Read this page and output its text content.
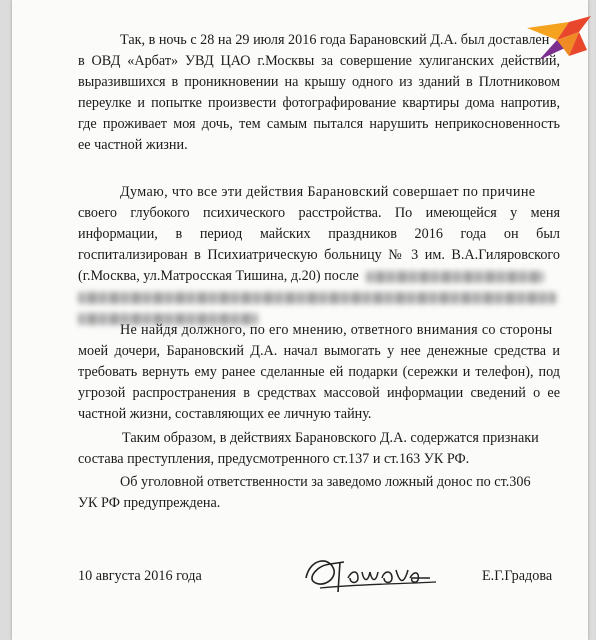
Так, в ночь с 28 на 29 июля 2016 года Барановский Д.А. был доставлен
в ОВД «Арбат» УВД ЦАО г.Москвы за совершение хулиганских действий,
выразившихся в проникновении на крышу одного из зданий в Плотниковом
переулке и попытке произвести фотографирование квартиры дома напротив,
где проживает моя дочь, тем самым пытался нарушить неприкосновенность
ее частной жизни.
Думаю, что все эти действия Барановский совершает по причине
своего глубокого психического расстройства. По имеющейся у меня
информации, в период майских праздников 2016 года он был
госпитализирован в Психиатрическую больницу № 3 им. В.А.Гиляровского
(г.Москва, ул.Матросская Тишина, д.20) после
Не найдя должного, по его мнению, ответного внимания со стороны
моей дочери, Барановский Д.А. начал вымогать у нее денежные средства и
требовать вернуть ему ранее сделанные ей подарки (сережки и телефон), под
угрозой распространения в средствах массовой информации сведений о ее
частной жизни, составляющих ее личную тайну.
Таким образом, в действиях Барановского Д.А. содержатся признаки
состава преступления, предусмотренного ст.137 и ст.163 УК РФ.
Об уголовной ответственности за заведомо ложный донос по ст.306
УК РФ предупреждена.
10 августа 2016 года	Е.Г.Градова
